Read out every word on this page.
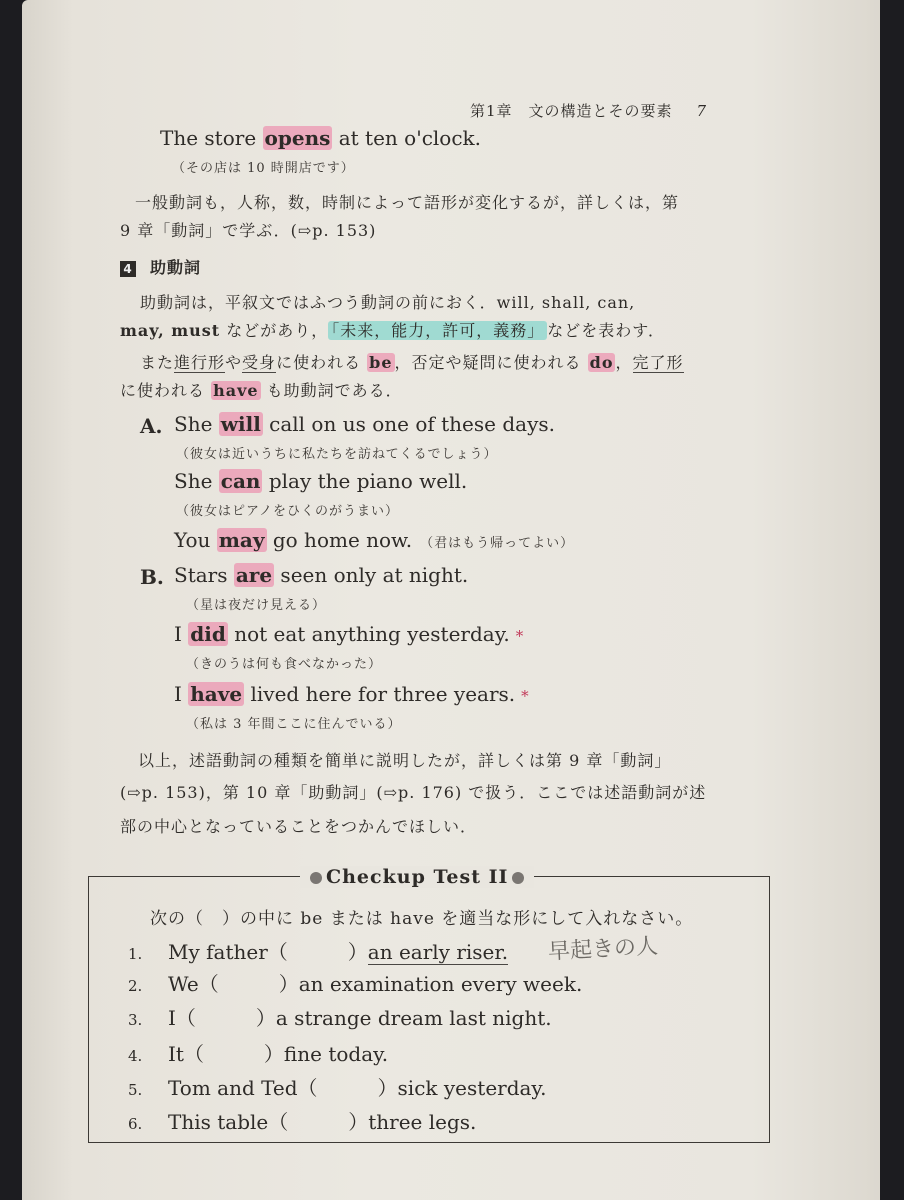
第1章　文の構造とその要素 7
The store opens at ten o'clock.
（その店は 10 時開店です）
一般動詞も，人称，数，時制によって語形が変化するが，詳しくは，第
9 章「動詞」で学ぶ．(⇨p. 153)
4 助動詞
助動詞は，平叙文ではふつう動詞の前におく．will, shall, can,
may, must などがあり， 「未来，能力，許可，義務」 などを表わす．
また進行形や受身に使われる be ，否定や疑問に使われる do ，完了形
に使われる have も助動詞である．
A. She will call on us one of these days.
（彼女は近いうちに私たちを訪ねてくるでしょう）
She can play the piano well.
（彼女はピアノをひくのがうまい）
You may go home now. （君はもう帰ってよい）
B. Stars are seen only at night.
（星は夜だけ見える）
I did not eat anything yesterday. *
（きのうは何も食べなかった）
I have lived here for three years. *
（私は 3 年間ここに住んでいる）
以上，述語動詞の種類を簡単に説明したが，詳しくは第 9 章「動詞」
(⇨p. 153)，第 10 章「助動詞」(⇨p. 176) で扱う．ここでは述語動詞が述
部の中心となっていることをつかんでほしい．
Checkup Test II
次の（　）の中に be または have を適当な形にして入れなさい。
1. My father（　　　）an early riser. 早起きの人
2. We（　　　）an examination every week.
3. I（　　　）a strange dream last night.
4. It（　　　）fine today.
5. Tom and Ted（　　　）sick yesterday.
6. This table（　　　）three legs.
